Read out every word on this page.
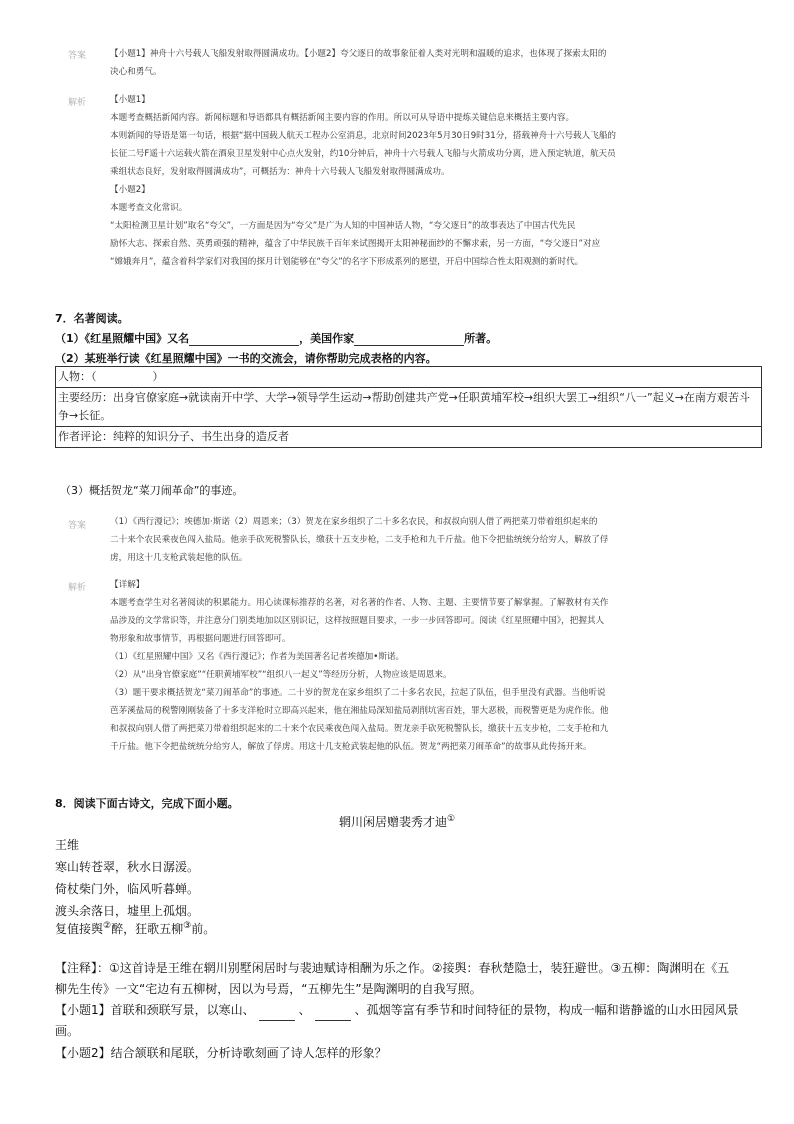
答案	【小题1】神舟十六号载人飞船发射取得圆满成功。【小题2】夸父逐日的故事象征着人类对光明和温暖的追求，也体现了探索太阳的
决心和勇气。
解析	【小题1】
本题考查概括新闻内容。新闻标题和导语都具有概括新闻主要内容的作用。所以可从导语中提炼关键信息来概括主要内容。
本则新闻的导语是第一句话，根据“据中国载人航天工程办公室消息，北京时间2023年5月30日9时31分，搭载神舟十六号载人飞船的
长征二号F遥十六运载火箭在酒泉卫星发射中心点火发射，约10分钟后，神舟十六号载人飞船与火箭成功分离，进入预定轨道，航天员
乘组状态良好，发射取得圆满成功”，可概括为：神舟十六号载人飞船发射取得圆满成功。
【小题2】
本题考查文化常识。
“太阳检测卫星计划”取名“夸父”，一方面是因为“夸父”是广为人知的中国神话人物，“夸父逐日”的故事表达了中国古代先民
励怀大志、探索自然、英勇顽强的精神，蕴含了中华民族千百年来试图揭开太阳神秘面纱的不懈求索，另一方面，“夸父逐日”对应
“嫦娥奔月”，蕴含着科学家们对我国的探月计划能够在“夸父”的名字下形成系列的愿望，开启中国综合性太阳观测的新时代。
7．名著阅读。
（1）《红星照耀中国》又名	，美国作家	所著。
（2）某班举行读《红星照耀中国》一书的交流会，请你帮助完成表格的内容。
人物：（                ）
主要经历：出身官僚家庭→就读南开中学、大学→领导学生运动→帮助创建共产党→任职黄埔军校→组织大罢工→组织“八一”起义→在南方艰苦斗争→长征。
作者评论：纯粹的知识分子、书生出身的造反者
（3）概括贺龙“菜刀闹革命”的事迹。
答案	（1）《西行漫记》；埃德加·斯诺（2）周恩来；（3）贺龙在家乡组织了二十多名农民，和叔叔向别人借了两把菜刀带着组织起来的
二十来个农民乘夜色闯入盐局。他亲手砍死税警队长，缴获十五支步枪，二支手枪和九千斤盐。他下令把盐统统分给穷人，解放了俘
虏，用这十几支枪武装起他的队伍。
解析	【详解】
本题考查学生对名著阅读的积累能力。用心读课标推荐的名著，对名著的作者、人物、主题、主要情节要了解掌握。了解教材有关作
品涉及的文学常识等，并注意分门别类地加以区别识记，这样按照题目要求，一步一步回答即可。阅读《红星照耀中国》，把握其人
物形象和故事情节，再根据问题进行回答即可。
（1）《红星照耀中国》又名《西行漫记》；作者为美国著名记者埃德加•斯诺。
（2）从“出身官僚家庭”“任职黄埔军校”“组织八一起义”等经历分析，人物应该是周恩来。
（3）题干要求概括贺龙“菜刀闹革命”的事迹。二十岁的贺龙在家乡组织了二十多名农民，拉起了队伍，但手里没有武器。当他听说
芭茅溪盐局的税警刚刚装备了十多支洋枪时立即高兴起来，他在湘盐局深知盐局剥削坑害百姓，罪大恶极，而税警更是为虎作伥。他
和叔叔向别人借了两把菜刀带着组织起来的二十来个农民乘夜色闯入盐局。贺龙亲手砍死税警队长，缴获十五支步枪，二支手枪和九
千斤盐。他下令把盐统统分给穷人，解放了俘虏。用这十几支枪武装起他的队伍。贺龙“两把菜刀闹革命”的故事从此传扬开来。
8．阅读下面古诗文，完成下面小题。
辋川闲居赠裴秀才迪①
王维
寒山转苍翠，秋水日潺湲。
倚杖柴门外，临风听暮蝉。
渡头余落日，墟里上孤烟。
复值接舆②醉，狂歌五柳③前。
【注释】：①这首诗是王维在辋川别墅闲居时与裴迪赋诗相酬为乐之作。②接舆：春秋楚隐士，装狂避世。③五柳：陶渊明在《五
柳先生传》一文“宅边有五柳树，因以为号焉，“五柳先生”是陶渊明的自我写照。
【小题1】首联和颈联写景，以寒山、	、	、孤烟等富有季节和时间特征的景物，构成一幅和谐静谧的山水田园风景
画。
【小题2】结合颔联和尾联，分析诗歌刻画了诗人怎样的形象？
